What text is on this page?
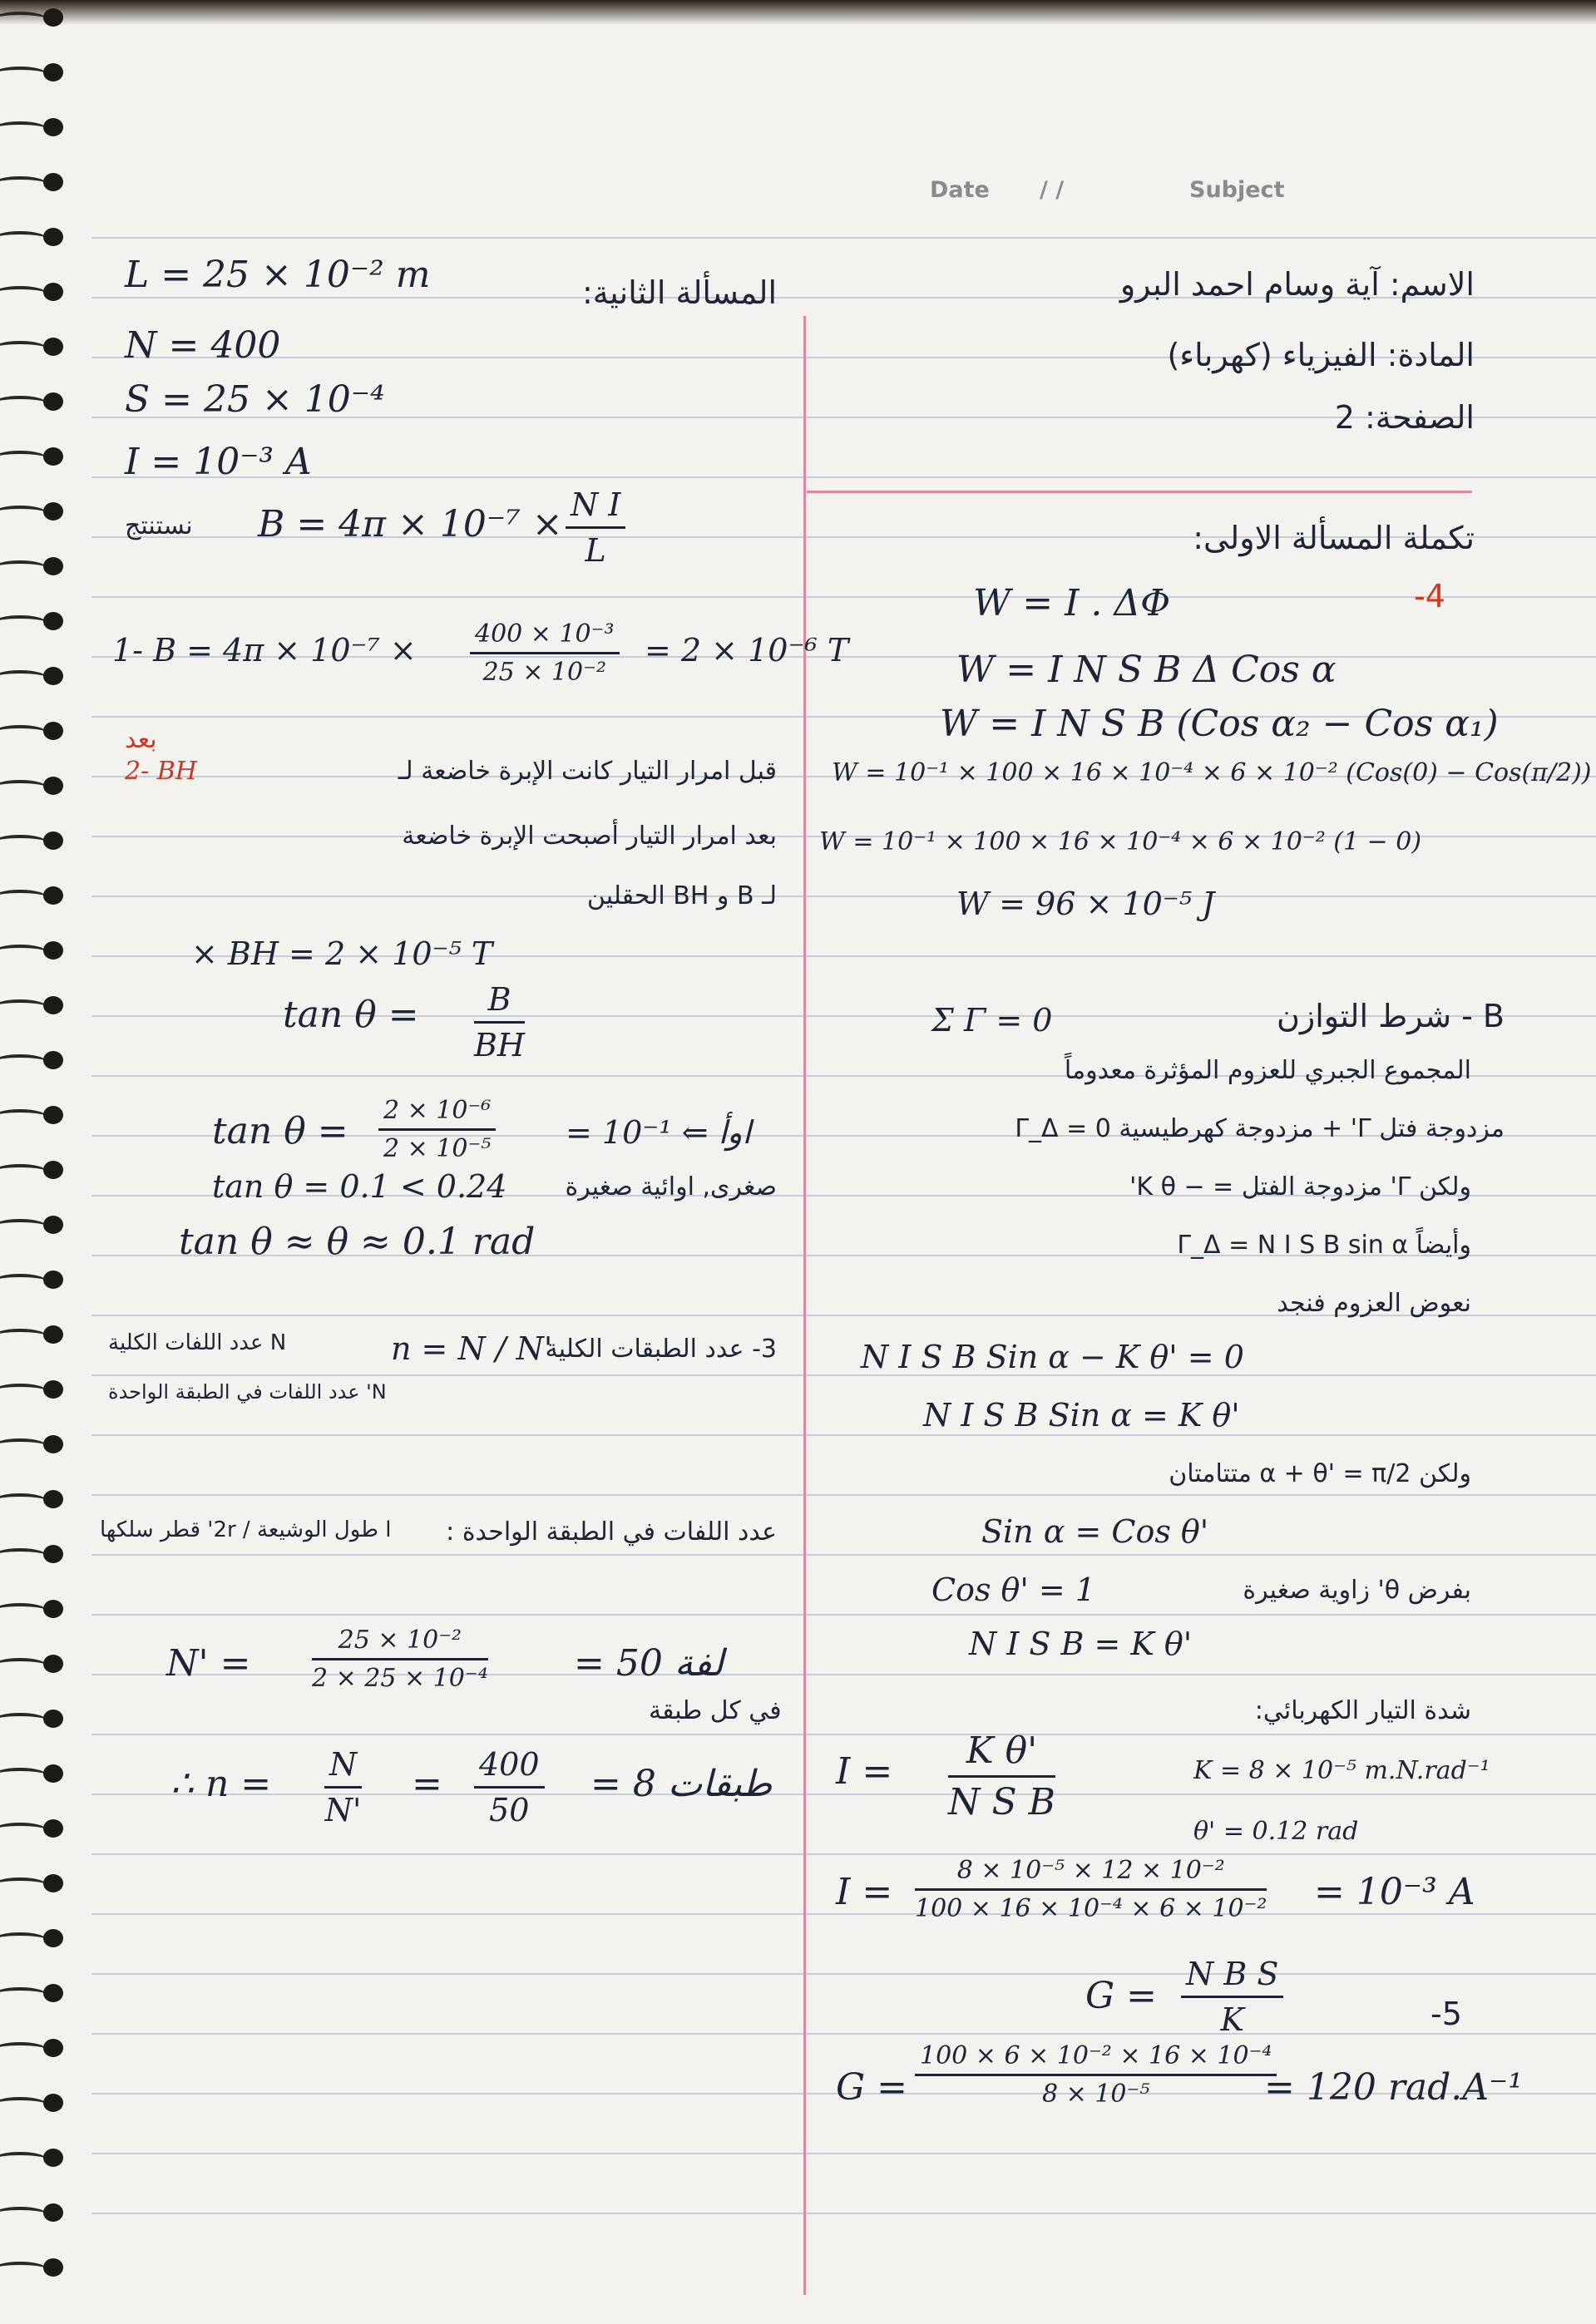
Date / /	Subject
الاسم: آية وسام احمد البرو
المادة: الفيزياء (كهرباء)
الصفحة: 2
تكملة المسألة الاولى:
-4
W = I . ΔΦ
W = I N S B Δ Cos α
W = I N S B (Cos α₂ − Cos α₁)
W = 10⁻¹ × 100 × 16 × 10⁻⁴ × 6 × 10⁻² (Cos(0) − Cos(π/2))
W = 10⁻¹ × 100 × 16 × 10⁻⁴ × 6 × 10⁻² (1 − 0)
W = 96 × 10⁻⁵ J
B - شرط التوازن
Σ Γ = 0
المجموع الجبري للعزوم المؤثرة معدوماً
مزدوجة فتل Γ' + مزدوجة كهرطيسية Γ_Δ = 0
ولكن Γ' مزدوجة الفتل = − K θ'
وأيضاً Γ_Δ = N I S B sin α
نعوض العزوم فنجد
N I S B Sin α − K θ' = 0
N I S B Sin α = K θ'
ولكن α + θ' = π/2 متتامتان
Sin α = Cos θ'
بفرض θ' زاوية صغيرة
Cos θ' = 1
N I S B = K θ'
شدة التيار الكهربائي:
$I = \frac{\text{K θ'}}{\text{N S B}}$	K = 8 × 10⁻⁵ m.N.rad⁻¹
θ' = 0.12 rad
$I = \frac{\text{8 × 10⁻⁵ × 12 × 10⁻²}}{\text{100 × 16 × 10⁻⁴ × 6 × 10⁻²}} = 10^{-3}$ A
-5
$G = \frac{\text{N B S}}{K}$
$G = \frac{\text{100 × 6 × 10⁻² × 16 × 10⁻⁴}}{\text{8 × 10⁻⁵}}$
= 120 rad.A⁻¹
المسألة الثانية:
L = 25 × 10⁻² m
N = 400
S = 25 × 10⁻⁴
I = 10⁻³ A
نستنتج $B = 4\pi \times 10^{-7} \times \frac{\text{N I}}{L}$
1- $B = 4\pi \times 10^{-7} \times \frac{\text{400 × 10⁻³}}{\text{25 × 10⁻²}} = 2 \times 10^{-6}$ T
بعد
2- BH	قبل امرار التيار كانت الإبرة خاضعة لـ
بعد امرار التيار أصبحت الإبرة خاضعة
لـ B و BH الحقلين
× BH = 2 × 10⁻⁵ T
$\tan \theta = \frac{B}{BH}$
$\tan \theta = \frac{\text{2 × 10⁻⁶}}{\text{2 × 10⁻⁵}} = 10^{-1}$ ⇐ اوأ
tan θ = 0.1 < 0.24 صغرى, اوائية صغيرة
tan θ ≈ θ ≈ 0.1 rad
3- عدد الطبقات الكلية
n = N / N'
N عدد اللفات الكلية
N' عدد اللفات في الطبقة الواحدة
عدد اللفات في الطبقة الواحدة :
l طول الوشيعة / 2r' قطر سلكها
$N' = \frac{\text{25 × 10⁻²}}{\text{2 × 25 × 10⁻⁴}} = 50$ لفة
في كل طبقة
∴ $n = \frac{N}{N'} = \frac{400}{50} = 8$ طبقات
